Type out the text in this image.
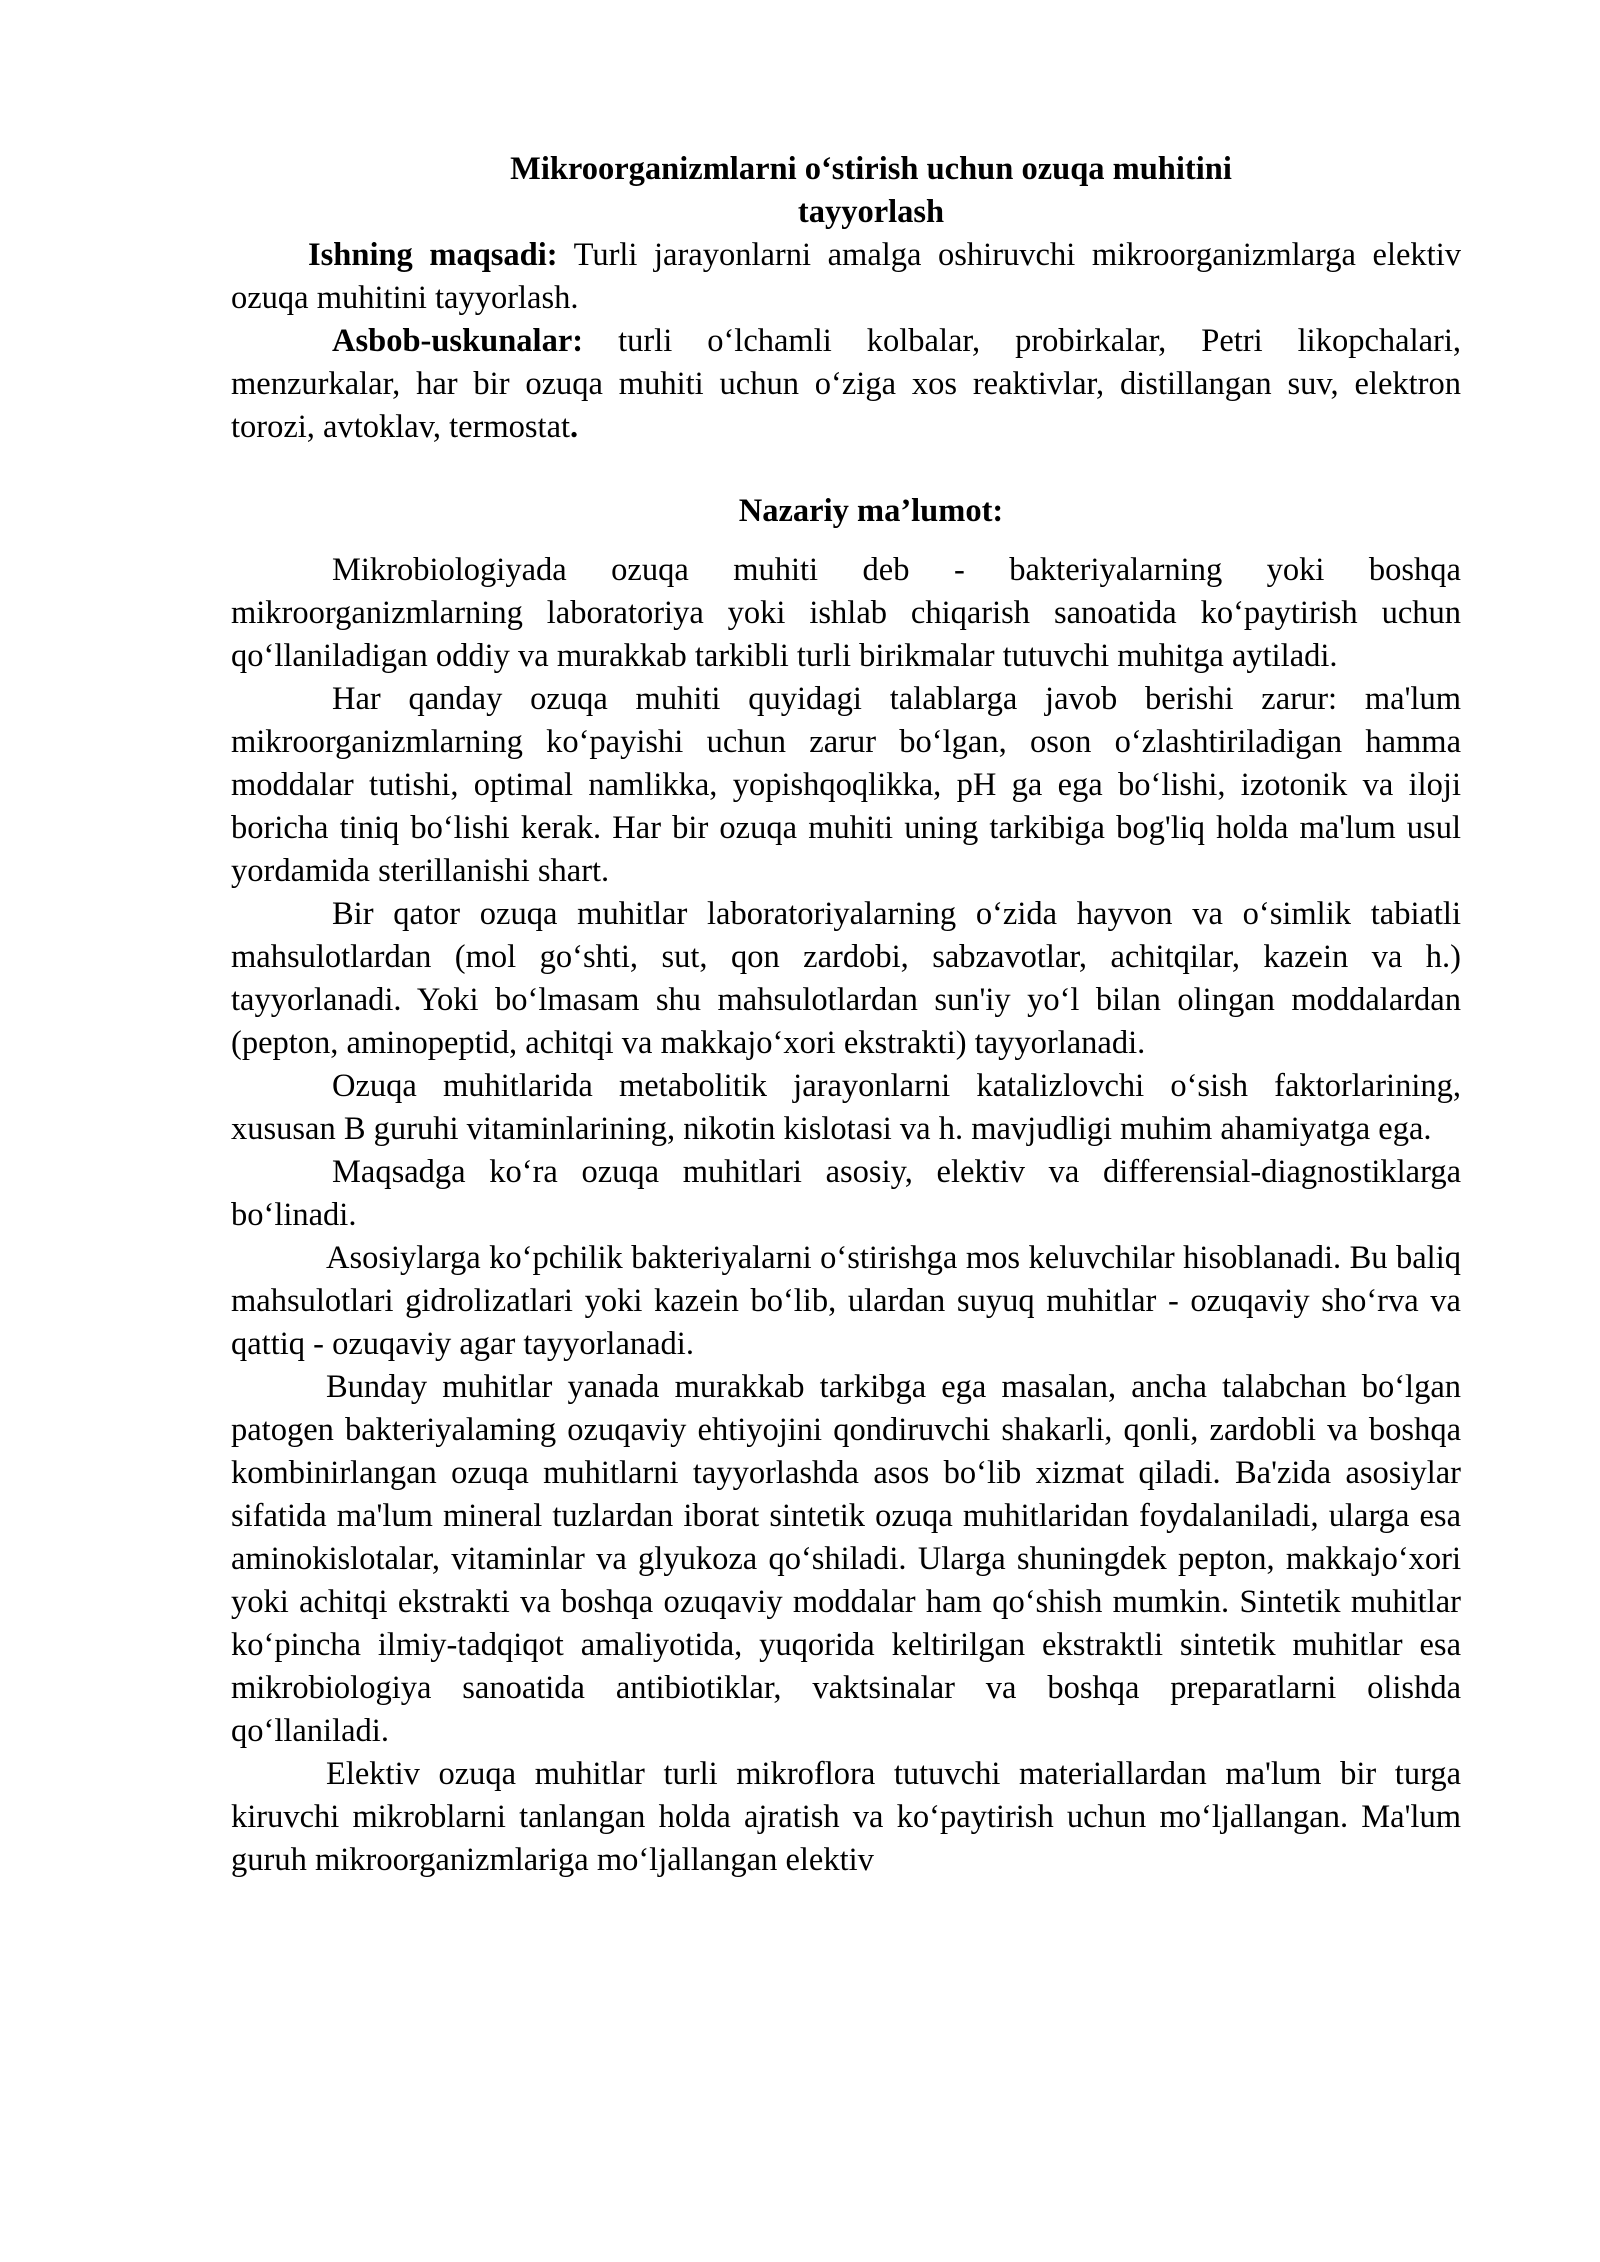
Mikroorganizmlarni o‘stirish uchun ozuqa muhitini
tayyorlash

Ishning maqsadi: Turli jarayonlarni amalga oshiruvchi mikroorganizmlarga elektiv ozuqa muhitini tayyorlash.

Asbob-uskunalar: turli o‘lchamli kolbalar, probirkalar, Petri likopchalari, menzurkalar, har bir ozuqa muhiti uchun o‘ziga xos reaktivlar, distillangan suv, elektron torozi, avtoklav, termostat.

Nazariy ma’lumot:

Mikrobiologiyada ozuqa muhiti deb - bakteriyalarning yoki boshqa mikroorganizmlarning laboratoriya yoki ishlab chiqarish sanoatida ko‘paytirish uchun qo‘llaniladigan oddiy va murakkab tarkibli turli birikmalar tutuvchi muhitga aytiladi.

Har qanday ozuqa muhiti quyidagi talablarga javob berishi zarur: ma'lum mikroorganizmlarning ko‘payishi uchun zarur bo‘lgan, oson o‘zlashtiriladigan hamma moddalar tutishi, optimal namlikka, yopishqoqlikka, pH ga ega bo‘lishi, izotonik va iloji boricha tiniq bo‘lishi kerak. Har bir ozuqa muhiti uning tarkibiga bog'liq holda ma'lum usul yordamida sterillanishi shart.

Bir qator ozuqa muhitlar laboratoriyalarning o‘zida hayvon va o‘simlik tabiatli mahsulotlardan (mol go‘shti, sut, qon zardobi, sabzavotlar, achitqilar, kazein va h.) tayyorlanadi. Yoki bo‘lmasam shu mahsulotlardan sun'iy yo‘l bilan olingan moddalardan (pepton, aminopeptid, achitqi va makkajo‘xori ekstrakti) tayyorlanadi.

Ozuqa muhitlarida metabolitik jarayonlarni katalizlovchi o‘sish faktorlarining, xususan B guruhi vitaminlarining, nikotin kislotasi va h. mavjudligi muhim ahamiyatga ega.

Maqsadga ko‘ra ozuqa muhitlari asosiy, elektiv va differensial-diagnostiklarga bo‘linadi.

Asosiylarga ko‘pchilik bakteriyalarni o‘stirishga mos keluvchilar hisoblanadi. Bu baliq mahsulotlari gidrolizatlari yoki kazein bo‘lib, ulardan suyuq muhitlar - ozuqaviy sho‘rva va qattiq - ozuqaviy agar tayyorlanadi.

Bunday muhitlar yanada murakkab tarkibga ega masalan, ancha talabchan bo‘lgan patogen bakteriyalaming ozuqaviy ehtiyojini qondiruvchi shakarli, qonli, zardobli va boshqa kombinirlangan ozuqa muhitlarni tayyorlashda asos bo‘lib xizmat qiladi. Ba'zida asosiylar sifatida ma'lum mineral tuzlardan iborat sintetik ozuqa muhitlaridan foydalaniladi, ularga esa aminokislotalar, vitaminlar va glyukoza qo‘shiladi. Ularga shuningdek pepton, makkajo‘xori yoki achitqi ekstrakti va boshqa ozuqaviy moddalar ham qo‘shish mumkin. Sintetik muhitlar ko‘pincha ilmiy-tadqiqot amaliyotida, yuqorida keltirilgan ekstraktli sintetik muhitlar esa mikrobiologiya sanoatida antibiotiklar, vaktsinalar va boshqa preparatlarni olishda qo‘llaniladi.

Elektiv ozuqa muhitlar turli mikroflora tutuvchi materiallardan ma'lum bir turga kiruvchi mikroblarni tanlangan holda ajratish va ko‘paytirish uchun mo‘ljallangan. Ma'lum guruh mikroorganizmlariga mo‘ljallangan elektiv
